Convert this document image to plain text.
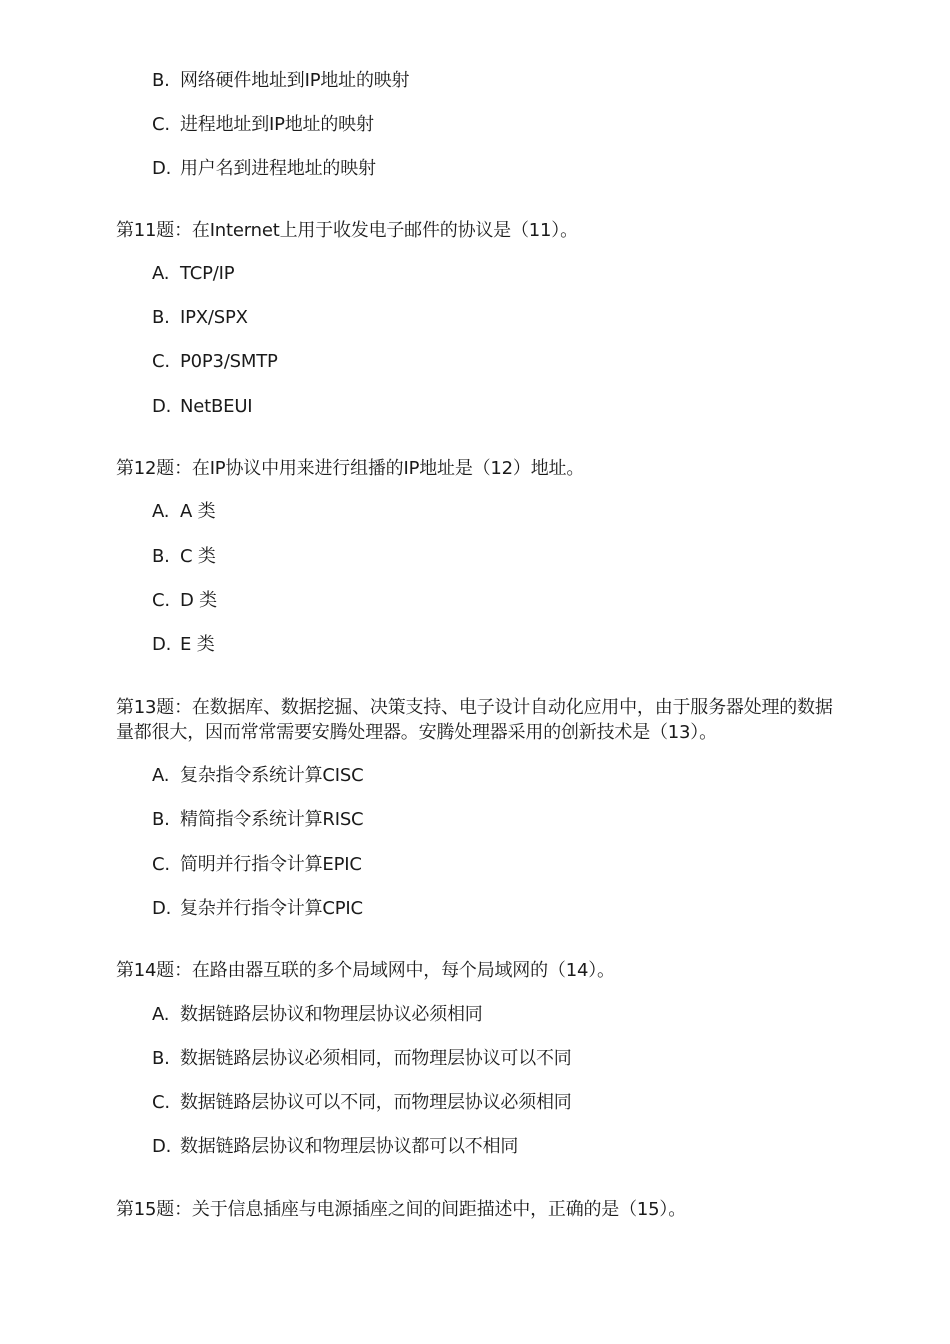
B. 网络硬件地址到IP地址的映射
C. 进程地址到IP地址的映射
D. 用户名到进程地址的映射
第11题：在Internet上用于收发电子邮件的协议是（11）。
A. TCP/IP
B. IPX/SPX
C. P0P3/SMTP
D. NetBEUI
第12题：在IP协议中用来进行组播的IP地址是（12）地址。
A. A 类
B. C 类
C. D 类
D. E 类
第13题：在数据库、数据挖掘、决策支持、电子设计自动化应用中，由于服务器处理的数据
量都很大，因而常常需要安腾处理器。安腾处理器采用的创新技术是（13）。
A. 复杂指令系统计算CISC
B. 精简指令系统计算RISC
C. 简明并行指令计算EPIC
D. 复杂并行指令计算CPIC
第14题：在路由器互联的多个局域网中，每个局域网的（14）。
A. 数据链路层协议和物理层协议必须相同
B. 数据链路层协议必须相同，而物理层协议可以不同
C. 数据链路层协议可以不同，而物理层协议必须相同
D. 数据链路层协议和物理层协议都可以不相同
第15题：关于信息插座与电源插座之间的间距描述中，正确的是（15）。
